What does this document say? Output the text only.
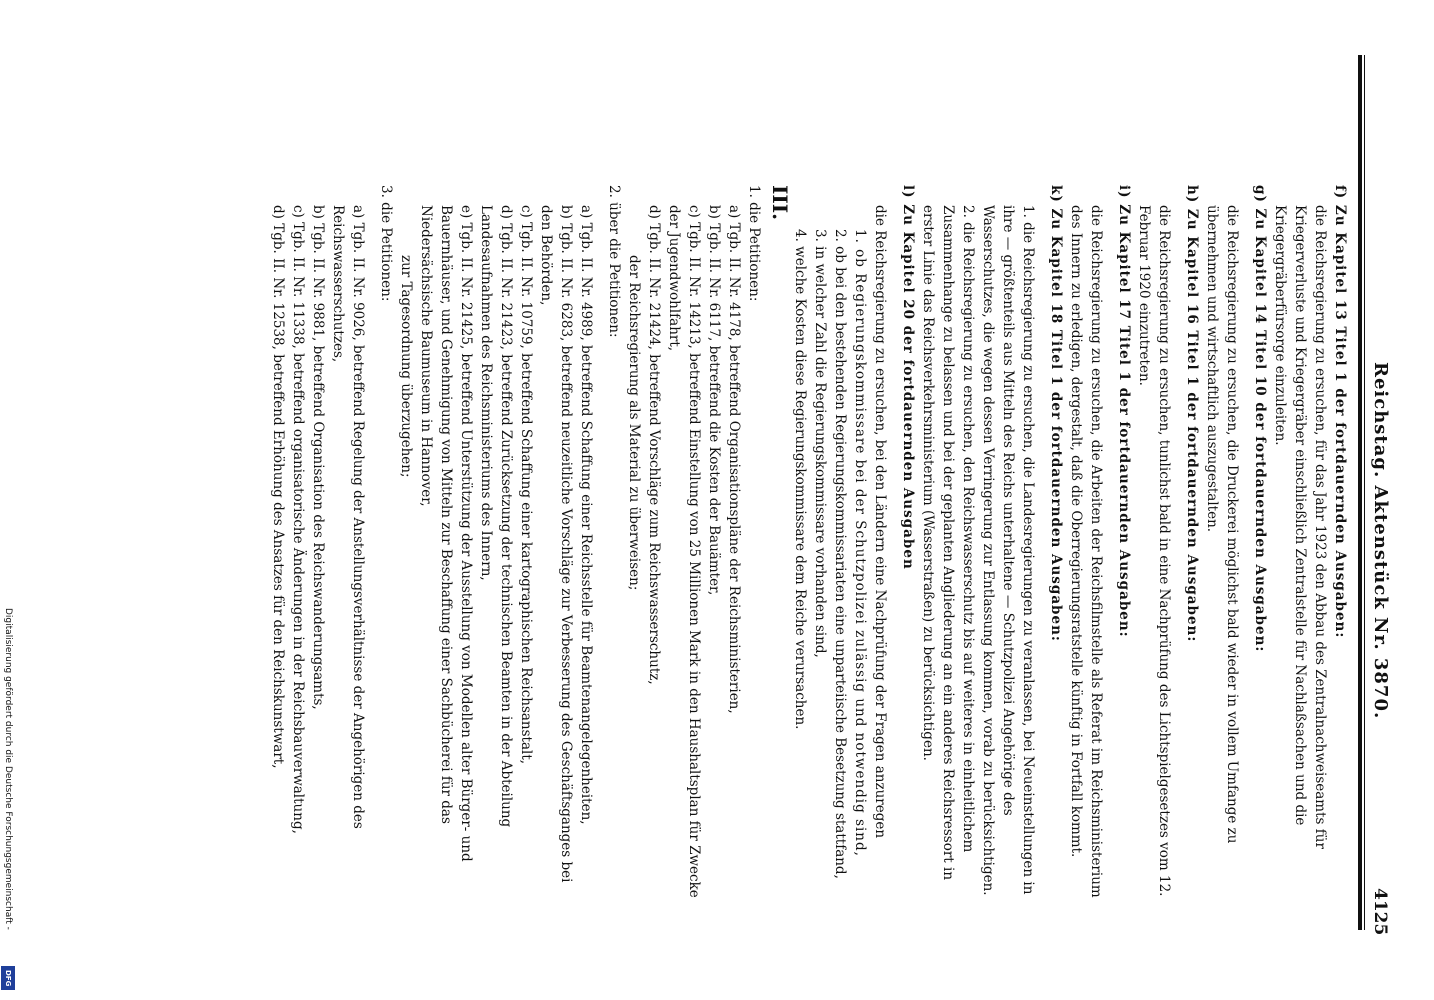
Reichstag. Aktenstück Nr. 3870.
4125

f) Zu Kapitel 13 Titel 1 der fortdauernden Ausgaben:

die Reichsregierung zu ersuchen, für das Jahr 1923 den Abbau des Zentralnachweiseamts für Kriegerverluste und Kriegergräber einschließlich Zentralstelle für Nachlaßsachen und die Kriegergräberfürsorge einzuleiten.

g) Zu Kapitel 14 Titel 10 der fortdauernden Ausgaben:

die Reichsregierung zu ersuchen, die Druckerei möglichst bald wieder in vollem Umfange zu übernehmen und wirtschaftlich auszugestalten.

h) Zu Kapitel 16 Titel 1 der fortdauernden Ausgaben:

die Reichsregierung zu ersuchen, tunlichst bald in eine Nachprüfung des Lichtspielgesetzes vom 12. Februar 1920 einzutreten.

i) Zu Kapitel 17 Titel 1 der fortdauernden Ausgaben:

die Reichsregierung zu ersuchen, die Arbeiten der Reichsfilmstelle als Referat im Reichsministerium des Innern zu erledigen, dergestalt, daß die Oberregierungsratstelle künftig in Fortfall kommt.

k) Zu Kapitel 18 Titel 1 der fortdauernden Ausgaben:

1. die Reichsregierung zu ersuchen, die Landesregierungen zu veranlassen, bei Neueinstellungen in ihre — größtenteils aus Mitteln des Reichs unterhaltene — Schutzpolizei Angehörige des Wasserschutzes, die wegen dessen Verringerung zur Entlassung kommen, vorab zu berücksichtigen.

2. die Reichsregierung zu ersuchen, den Reichswasserschutz bis auf weiteres in einheitlichem Zusammenhange zu belassen und bei der geplanten Angliederung an ein anderes Reichsressort in erster Linie das Reichsverkehrsministerium (Wasserstraßen) zu berücksichtigen.

l) Zu Kapitel 20 der fortdauernden Ausgaben

die Reichsregierung zu ersuchen, bei den Ländern eine Nachprüfung der Fragen anzuregen

1. ob Regierungskommissare bei der Schutzpolizei zulässig und notwendig sind,

2. ob bei den bestehenden Regierungskommissariaten eine unparteiische Besetzung stattfand,

3. in welcher Zahl die Regierungskommissare vorhanden sind,

4. welche Kosten diese Regierungskommissare dem Reiche verursachen.

III.

1. die Petitionen:

a) Tgb. II. Nr. 4178, betreffend Organisationspläne der Reichsministerien,

b) Tgb. II. Nr. 6117, betreffend die Kosten der Bauämter,

c) Tgb. II. Nr. 14213, betreffend Einstellung von 25 Millionen Mark in den Haushaltsplan für Zwecke der Jugendwohlfahrt,

d) Tgb. II. Nr. 21424, betreffend Vorschläge zum Reichswasserschutz,

der Reichsregierung als Material zu überweisen;

2. über die Petitionen:

a) Tgb. II. Nr. 4989, betreffend Schaffung einer Reichsstelle für Beamtenangelegenheiten,

b) Tgb. II. Nr. 6283, betreffend neuzeitliche Vorschläge zur Verbesserung des Geschäftsganges bei den Behörden,

c) Tgb. II. Nr. 10759, betreffend Schaffung einer kartographischen Reichsanstalt,

d) Tgb. II. Nr. 21423, betreffend Zurücksetzung der technischen Beamten in der Abteilung Landesaufnahmen des Reichsministeriums des Innern,

e) Tgb. II. Nr. 21425, betreffend Unterstützung der Ausstellung von Modellen alter Bürger- und Bauernhäuser, und Genehmigung von Mitteln zur Beschaffung einer Sachbücherei für das Niedersächsische Baumuseum in Hannover,

zur Tagesordnung überzugehen;

3. die Petitionen:

a) Tgb. II. Nr. 9026, betreffend Regelung der Anstellungsverhältnisse der Angehörigen des Reichswasserschutzes,

b) Tgb. II. Nr. 9881, betreffend Organisation des Reichswanderungsamts,

c) Tgb. II. Nr. 11338, betreffend organisatorische Änderungen in der Reichsbauverwaltung,

d) Tgb. II. Nr. 12538, betreffend Erhöhung des Ansatzes für den Reichskunstwart,

Digitalisierung gefördert durch die Deutsche Forschungsgemeinschaft -
DFG
